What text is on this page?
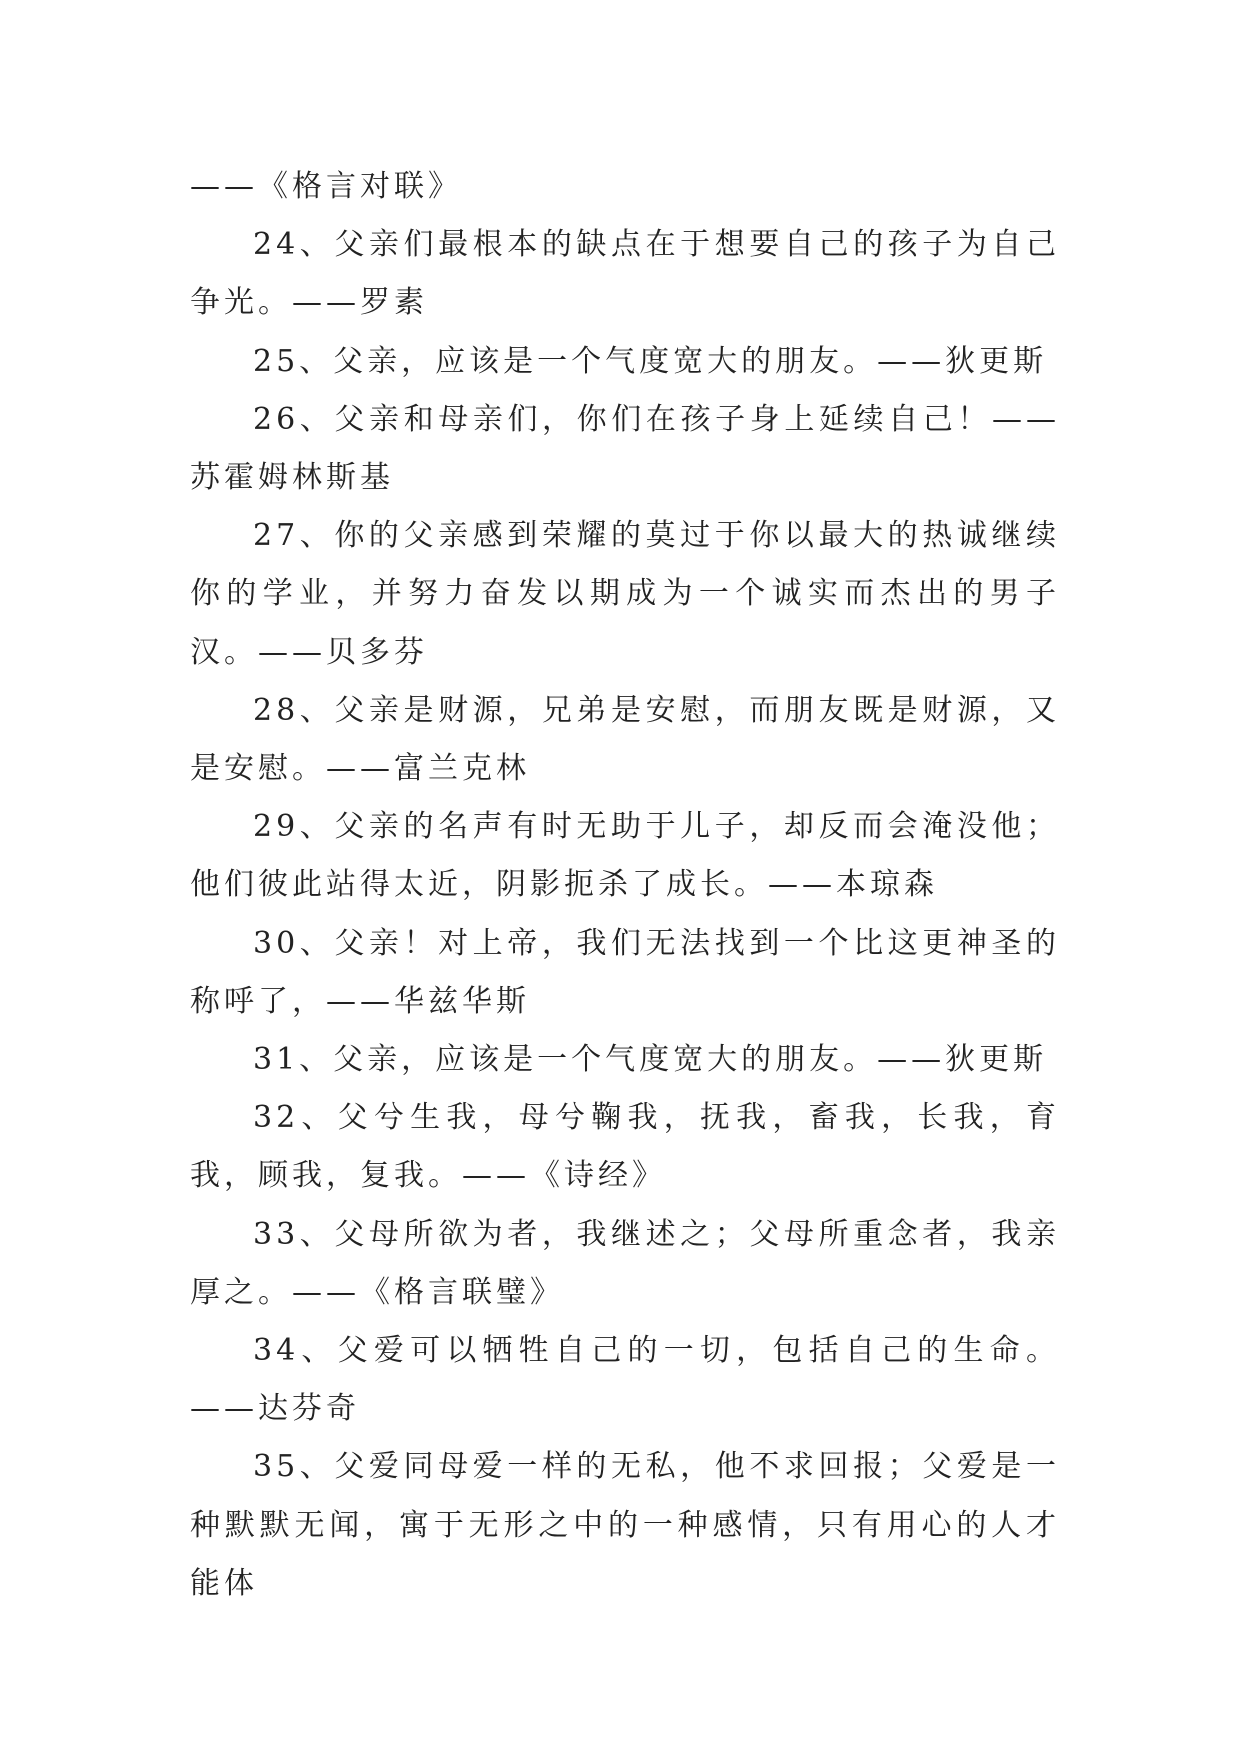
——《格言对联》

24、父亲们最根本的缺点在于想要自己的孩子为自己争光。——罗素

25、父亲，应该是一个气度宽大的朋友。——狄更斯

26、父亲和母亲们，你们在孩子身上延续自己！——苏霍姆林斯基

27、你的父亲感到荣耀的莫过于你以最大的热诚继续你的学业，并努力奋发以期成为一个诚实而杰出的男子汉。——贝多芬

28、父亲是财源，兄弟是安慰，而朋友既是财源，又是安慰。——富兰克林

29、父亲的名声有时无助于儿子，却反而会淹没他；他们彼此站得太近，阴影扼杀了成长。——本琼森

30、父亲！对上帝，我们无法找到一个比这更神圣的称呼了，——华兹华斯

31、父亲，应该是一个气度宽大的朋友。——狄更斯

32、父兮生我，母兮鞠我，抚我，畜我，长我，育我，顾我，复我。——《诗经》

33、父母所欲为者，我继述之；父母所重念者，我亲厚之。——《格言联璧》

34、父爱可以牺牲自己的一切，包括自己的生命。——达芬奇

35、父爱同母爱一样的无私，他不求回报；父爱是一种默默无闻，寓于无形之中的一种感情，只有用心的人才能体
